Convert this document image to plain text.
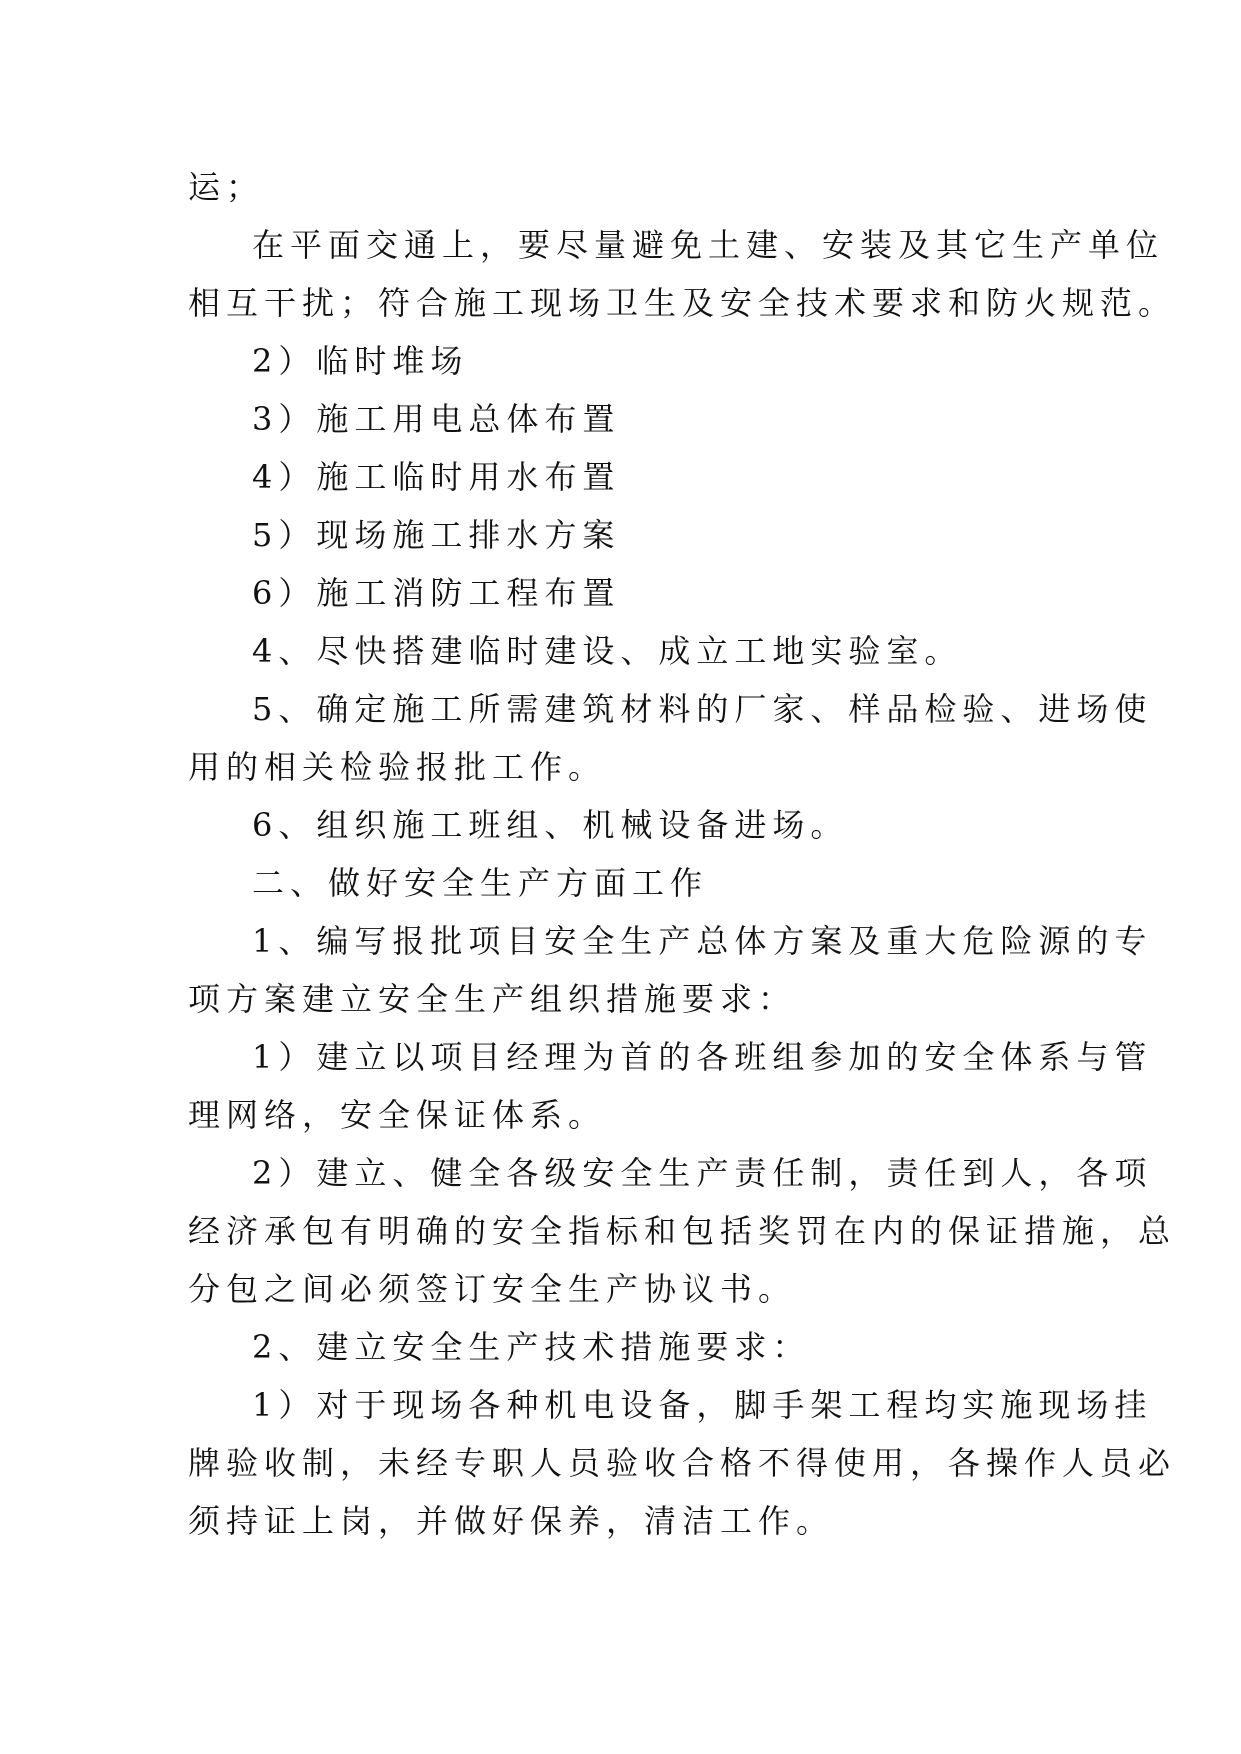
运；
在平面交通上，要尽量避免土建、安装及其它生产单位
相互干扰；符合施工现场卫生及安全技术要求和防火规范。
2）临时堆场
3）施工用电总体布置
4）施工临时用水布置
5）现场施工排水方案
6）施工消防工程布置
4、尽快搭建临时建设、成立工地实验室。
5、确定施工所需建筑材料的厂家、样品检验、进场使
用的相关检验报批工作。
6、组织施工班组、机械设备进场。
二、做好安全生产方面工作
1、编写报批项目安全生产总体方案及重大危险源的专
项方案建立安全生产组织措施要求：
1）建立以项目经理为首的各班组参加的安全体系与管
理网络，安全保证体系。
2）建立、健全各级安全生产责任制，责任到人，各项
经济承包有明确的安全指标和包括奖罚在内的保证措施，总
分包之间必须签订安全生产协议书。
2、建立安全生产技术措施要求：
1）对于现场各种机电设备，脚手架工程均实施现场挂
牌验收制，未经专职人员验收合格不得使用，各操作人员必
须持证上岗，并做好保养，清洁工作。
